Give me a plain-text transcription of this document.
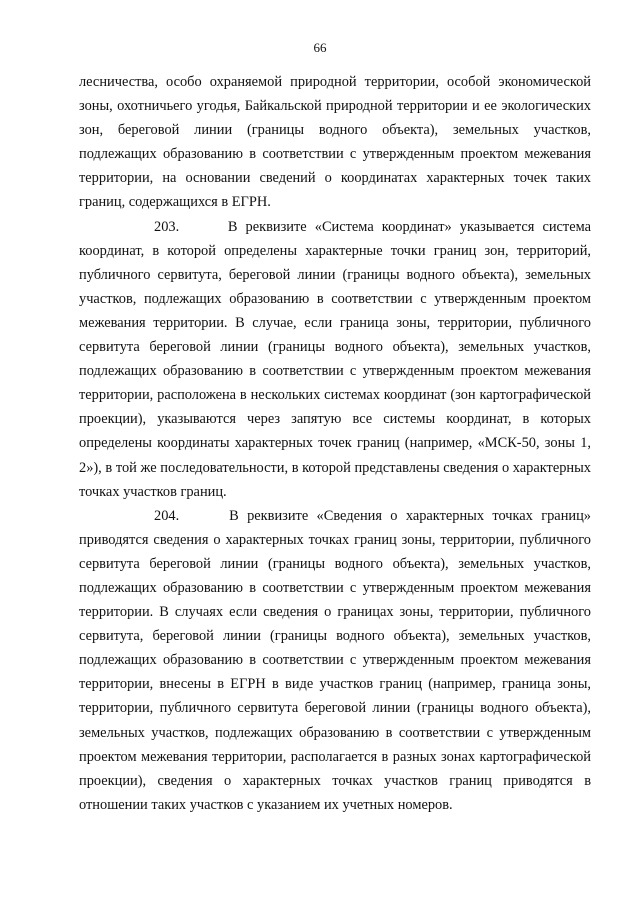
66

лесничества, особо охраняемой природной территории, особой экономической зоны, охотничьего угодья, Байкальской природной территории и ее экологических зон, береговой линии (границы водного объекта), земельных участков, подлежащих образованию в соответствии с утвержденным проектом межевания территории, на основании сведений о координатах характерных точек таких границ, содержащихся в ЕГРН.

203.	В реквизите «Система координат» указывается система координат, в которой определены характерные точки границ зон, территорий, публичного сервитута, береговой линии (границы водного объекта), земельных участков, подлежащих образованию в соответствии с утвержденным проектом межевания территории. В случае, если граница зоны, территории, публичного сервитута береговой линии (границы водного объекта), земельных участков, подлежащих образованию в соответствии с утвержденным проектом межевания территории, расположена в нескольких системах координат (зон картографической проекции), указываются через запятую все системы координат, в которых определены координаты характерных точек границ (например, «МСК-50, зоны 1, 2»), в той же последовательности, в которой представлены сведения о характерных точках участков границ.

204.	В реквизите «Сведения о характерных точках границ» приводятся сведения о характерных точках границ зоны, территории, публичного сервитута береговой линии (границы водного объекта), земельных участков, подлежащих образованию в соответствии с утвержденным проектом межевания территории. В случаях если сведения о границах зоны, территории, публичного сервитута, береговой линии (границы водного объекта), земельных участков, подлежащих образованию в соответствии с утвержденным проектом межевания территории, внесены в ЕГРН в виде участков границ (например, граница зоны, территории, публичного сервитута береговой линии (границы водного объекта), земельных участков, подлежащих образованию в соответствии с утвержденным проектом межевания территории, располагается в разных зонах картографической проекции), сведения о характерных точках участков границ приводятся в отношении таких участков с указанием их учетных номеров.
